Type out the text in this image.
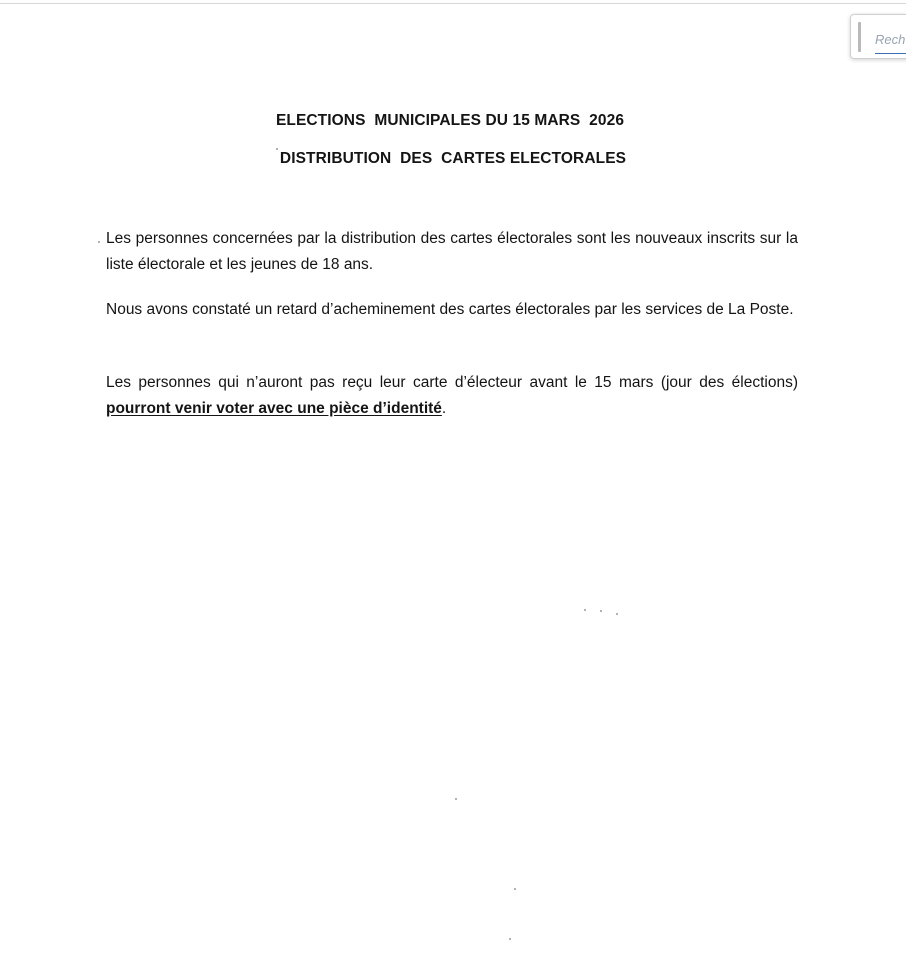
Rech
ELECTIONS  MUNICIPALES DU 15 MARS  2026
DISTRIBUTION  DES  CARTES ELECTORALES

Les personnes concernées par la distribution des cartes électorales sont les nouveaux inscrits sur la liste électorale et les jeunes de 18 ans.

Nous avons constaté un retard d’acheminement des cartes électorales par les services de La Poste.

Les personnes qui n’auront pas reçu leur carte d’électeur avant le 15 mars (jour des élections) pourront venir voter avec une pièce d’identité.
